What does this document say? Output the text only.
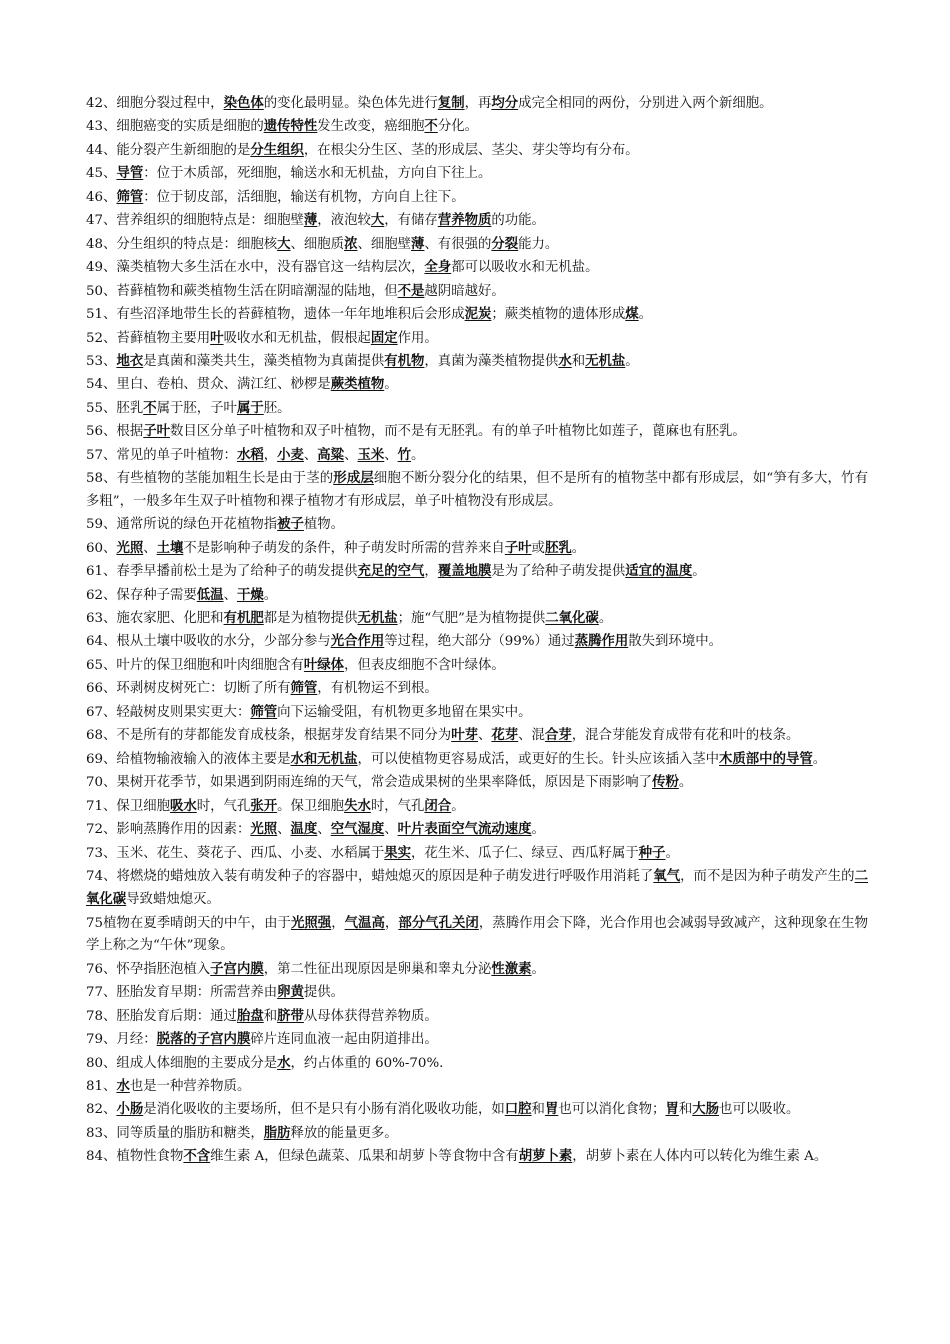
42、细胞分裂过程中，染色体的变化最明显。染色体先进行复制，再均分成完全相同的两份，分别进入两个新细胞。

43、细胞癌变的实质是细胞的遗传特性发生改变，癌细胞不分化。

44、能分裂产生新细胞的是分生组织，在根尖分生区、茎的形成层、茎尖、芽尖等均有分布。

45、导管：位于木质部，死细胞，输送水和无机盐，方向自下往上。

46、筛管：位于韧皮部，活细胞，输送有机物，方向自上往下。

47、营养组织的细胞特点是：细胞壁薄，液泡较大，有储存营养物质的功能。

48、分生组织的特点是：细胞核大、细胞质浓、细胞壁薄、有很强的分裂能力。

49、藻类植物大多生活在水中，没有器官这一结构层次，全身都可以吸收水和无机盐。

50、苔藓植物和蕨类植物生活在阴暗潮湿的陆地，但不是越阴暗越好。

51、有些沼泽地带生长的苔藓植物，遗体一年年地堆积后会形成泥炭；蕨类植物的遗体形成煤。

52、苔藓植物主要用叶吸收水和无机盐，假根起固定作用。

53、地衣是真菌和藻类共生，藻类植物为真菌提供有机物，真菌为藻类植物提供水和无机盐。

54、里白、卷柏、贯众、满江红、桫椤是蕨类植物。

55、胚乳不属于胚，子叶属于胚。

56、根据子叶数目区分单子叶植物和双子叶植物，而不是有无胚乳。有的单子叶植物比如莲子，蓖麻也有胚乳。

57、常见的单子叶植物：水稻，小麦、高粱、玉米、竹。

58、有些植物的茎能加粗生长是由于茎的形成层细胞不断分裂分化的结果，但不是所有的植物茎中都有形成层，如“笋有多大，竹有多粗”，一般多年生双子叶植物和裸子植物才有形成层，单子叶植物没有形成层。

59、通常所说的绿色开花植物指被子植物。

60、光照、土壤不是影响种子萌发的条件，种子萌发时所需的营养来自子叶或胚乳。

61、春季早播前松土是为了给种子的萌发提供充足的空气，覆盖地膜是为了给种子萌发提供适宜的温度。

62、保存种子需要低温、干燥。

63、施农家肥、化肥和有机肥都是为植物提供无机盐；施“气肥”是为植物提供二氧化碳。

64、根从土壤中吸收的水分，少部分参与光合作用等过程，绝大部分（99%）通过蒸腾作用散失到环境中。

65、叶片的保卫细胞和叶肉细胞含有叶绿体，但表皮细胞不含叶绿体。

66、环剥树皮树死亡：切断了所有筛管，有机物运不到根。

67、轻敲树皮则果实更大：筛管向下运输受阻，有机物更多地留在果实中。

68、不是所有的芽都能发育成枝条，根据芽发育结果不同分为叶芽、花芽、混合芽，混合芽能发育成带有花和叶的枝条。

69、给植物输液输入的液体主要是水和无机盐，可以使植物更容易成活，或更好的生长。针头应该插入茎中木质部中的导管。

70、果树开花季节，如果遇到阴雨连绵的天气，常会造成果树的坐果率降低，原因是下雨影响了传粉。

71、保卫细胞吸水时，气孔张开。保卫细胞失水时，气孔闭合。

72、影响蒸腾作用的因素：光照、温度、空气湿度、叶片表面空气流动速度。

73、玉米、花生、葵花子、西瓜、小麦、水稻属于果实，花生米、瓜子仁、绿豆、西瓜籽属于种子。

74、将燃烧的蜡烛放入装有萌发种子的容器中，蜡烛熄灭的原因是种子萌发进行呼吸作用消耗了氧气，而不是因为种子萌发产生的二氧化碳导致蜡烛熄灭。

75植物在夏季晴朗天的中午，由于光照强，气温高，部分气孔关闭，蒸腾作用会下降，光合作用也会减弱导致减产，这种现象在生物学上称之为“午休”现象。

76、怀孕指胚泡植入子宫内膜，第二性征出现原因是卵巢和睾丸分泌性激素。

77、胚胎发育早期：所需营养由卵黄提供。

78、胚胎发育后期：通过胎盘和脐带从母体获得营养物质。

79、月经：脱落的子宫内膜碎片连同血液一起由阴道排出。

80、组成人体细胞的主要成分是水，约占体重的 60%-70%.

81、水也是一种营养物质。

82、小肠是消化吸收的主要场所，但不是只有小肠有消化吸收功能，如口腔和胃也可以消化食物；胃和大肠也可以吸收。

83、同等质量的脂肪和糖类，脂肪释放的能量更多。

84、植物性食物不含维生素 A，但绿色蔬菜、瓜果和胡萝卜等食物中含有胡萝卜素，胡萝卜素在人体内可以转化为维生素 A。
